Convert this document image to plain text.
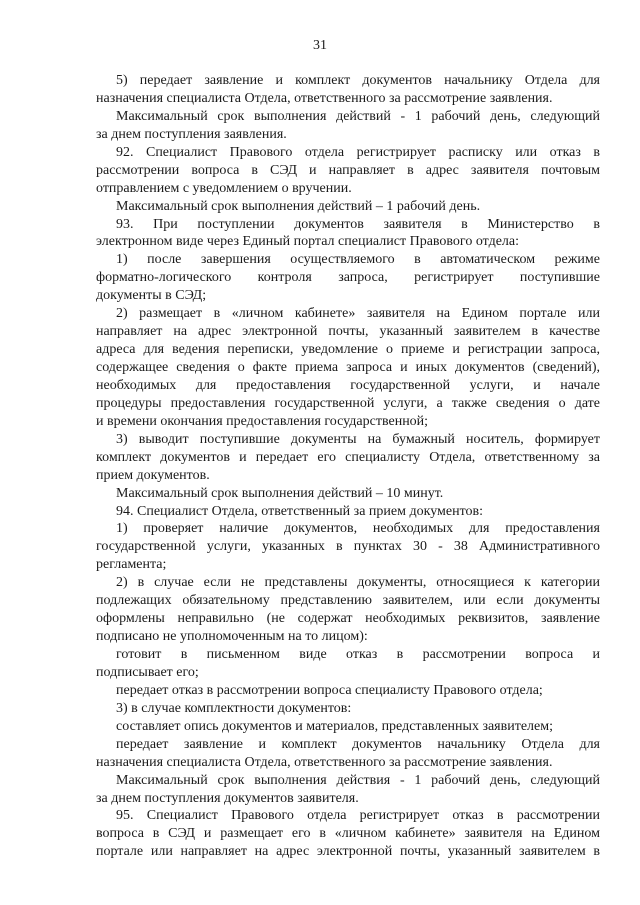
31
5) передает заявление и комплект документов начальнику Отдела для
назначения специалиста Отдела, ответственного за рассмотрение заявления.
Максимальный срок выполнения действий - 1 рабочий день, следующий
за днем поступления заявления.
92. Специалист Правового отдела регистрирует расписку или отказ в
рассмотрении вопроса в СЭД и направляет в адрес заявителя почтовым
отправлением с уведомлением о вручении.
Максимальный срок выполнения действий – 1 рабочий день.
93. При поступлении документов заявителя в Министерство в
электронном виде через Единый портал специалист Правового отдела:
1) после завершения осуществляемого в автоматическом режиме
форматно-логического контроля запроса, регистрирует поступившие
документы в СЭД;
2) размещает в «личном кабинете» заявителя на Едином портале или
направляет на адрес электронной почты, указанный заявителем в качестве
адреса для ведения переписки, уведомление о приеме и регистрации запроса,
содержащее сведения о факте приема запроса и иных документов (сведений),
необходимых для предоставления государственной услуги, и начале
процедуры предоставления государственной услуги, а также сведения о дате
и времени окончания предоставления государственной;
3) выводит поступившие документы на бумажный носитель, формирует
комплект документов и передает его специалисту Отдела, ответственному за
прием документов.
Максимальный срок выполнения действий – 10 минут.
94. Специалист Отдела, ответственный за прием документов:
1) проверяет наличие документов, необходимых для предоставления
государственной услуги, указанных в пунктах 30 - 38 Административного
регламента;
2) в случае если не представлены документы, относящиеся к категории
подлежащих обязательному представлению заявителем, или если документы
оформлены неправильно (не содержат необходимых реквизитов, заявление
подписано не уполномоченным на то лицом):
готовит в письменном виде отказ в рассмотрении вопроса и
подписывает его;
передает отказ в рассмотрении вопроса специалисту Правового отдела;
3) в случае комплектности документов:
составляет опись документов и материалов, представленных заявителем;
передает заявление и комплект документов начальнику Отдела для
назначения специалиста Отдела, ответственного за рассмотрение заявления.
Максимальный срок выполнения действия - 1 рабочий день, следующий
за днем поступления документов заявителя.
95. Специалист Правового отдела регистрирует отказ в рассмотрении
вопроса в СЭД и размещает его в «личном кабинете» заявителя на Едином
портале или направляет на адрес электронной почты, указанный заявителем в
